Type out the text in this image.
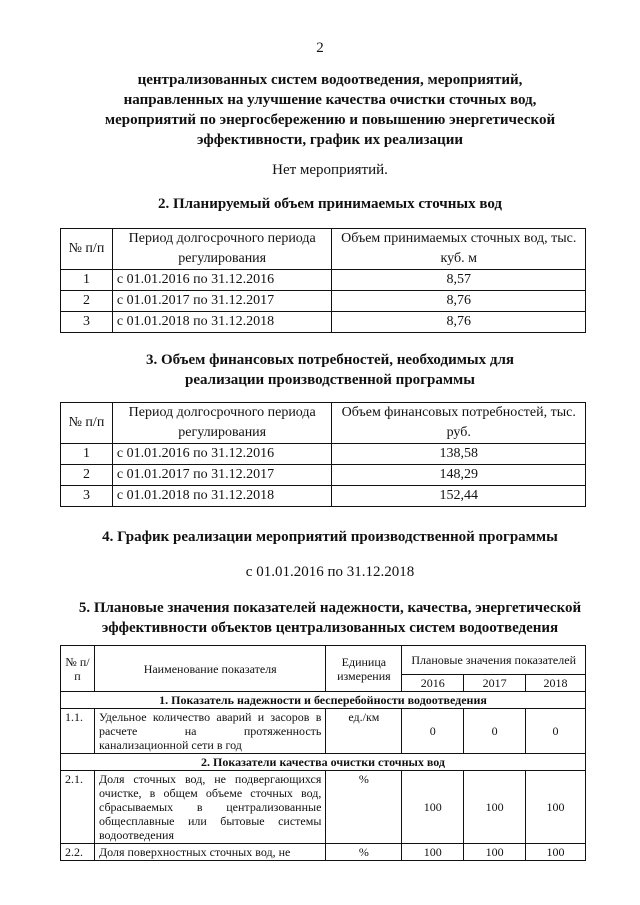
2
централизованных систем водоотведения, мероприятий,
направленных на улучшение качества очистки сточных вод,
мероприятий по энергосбережению и повышению энергетической
эффективности, график их реализации
Нет мероприятий.
2. Планируемый объем принимаемых сточных вод
№ п/п	Период долгосрочного периода регулирования	Объем принимаемых сточных вод, тыс. куб. м
1	с 01.01.2016 по 31.12.2016	8,57
2	с 01.01.2017 по 31.12.2017	8,76
3	с 01.01.2018 по 31.12.2018	8,76
3. Объем финансовых потребностей, необходимых для
реализации производственной программы
№ п/п	Период долгосрочного периода регулирования	Объем финансовых потребностей, тыс. руб.
1	с 01.01.2016 по 31.12.2016	138,58
2	с 01.01.2017 по 31.12.2017	148,29
3	с 01.01.2018 по 31.12.2018	152,44
4. График реализации мероприятий производственной программы
с 01.01.2016 по 31.12.2018
5. Плановые значения показателей надежности, качества, энергетической
эффективности объектов централизованных систем водоотведения
№ п/п	Наименование показателя	Единица измерения	Плановые значения показателей		
			2016	2017	2018
1. Показатель надежности и бесперебойности водоотведения					
1.1.	Удельное количество аварий и засоров в расчете на протяженность канализационной сети в год	ед./км	0	0	0
2. Показатели качества очистки сточных вод					
2.1.	Доля сточных вод, не подвергающихся очистке, в общем объеме сточных вод, сбрасываемых в централизованные общесплавные или бытовые системы водоотведения	%	100	100	100
2.2.	Доля поверхностных сточных вод, не	%	100	100	100
